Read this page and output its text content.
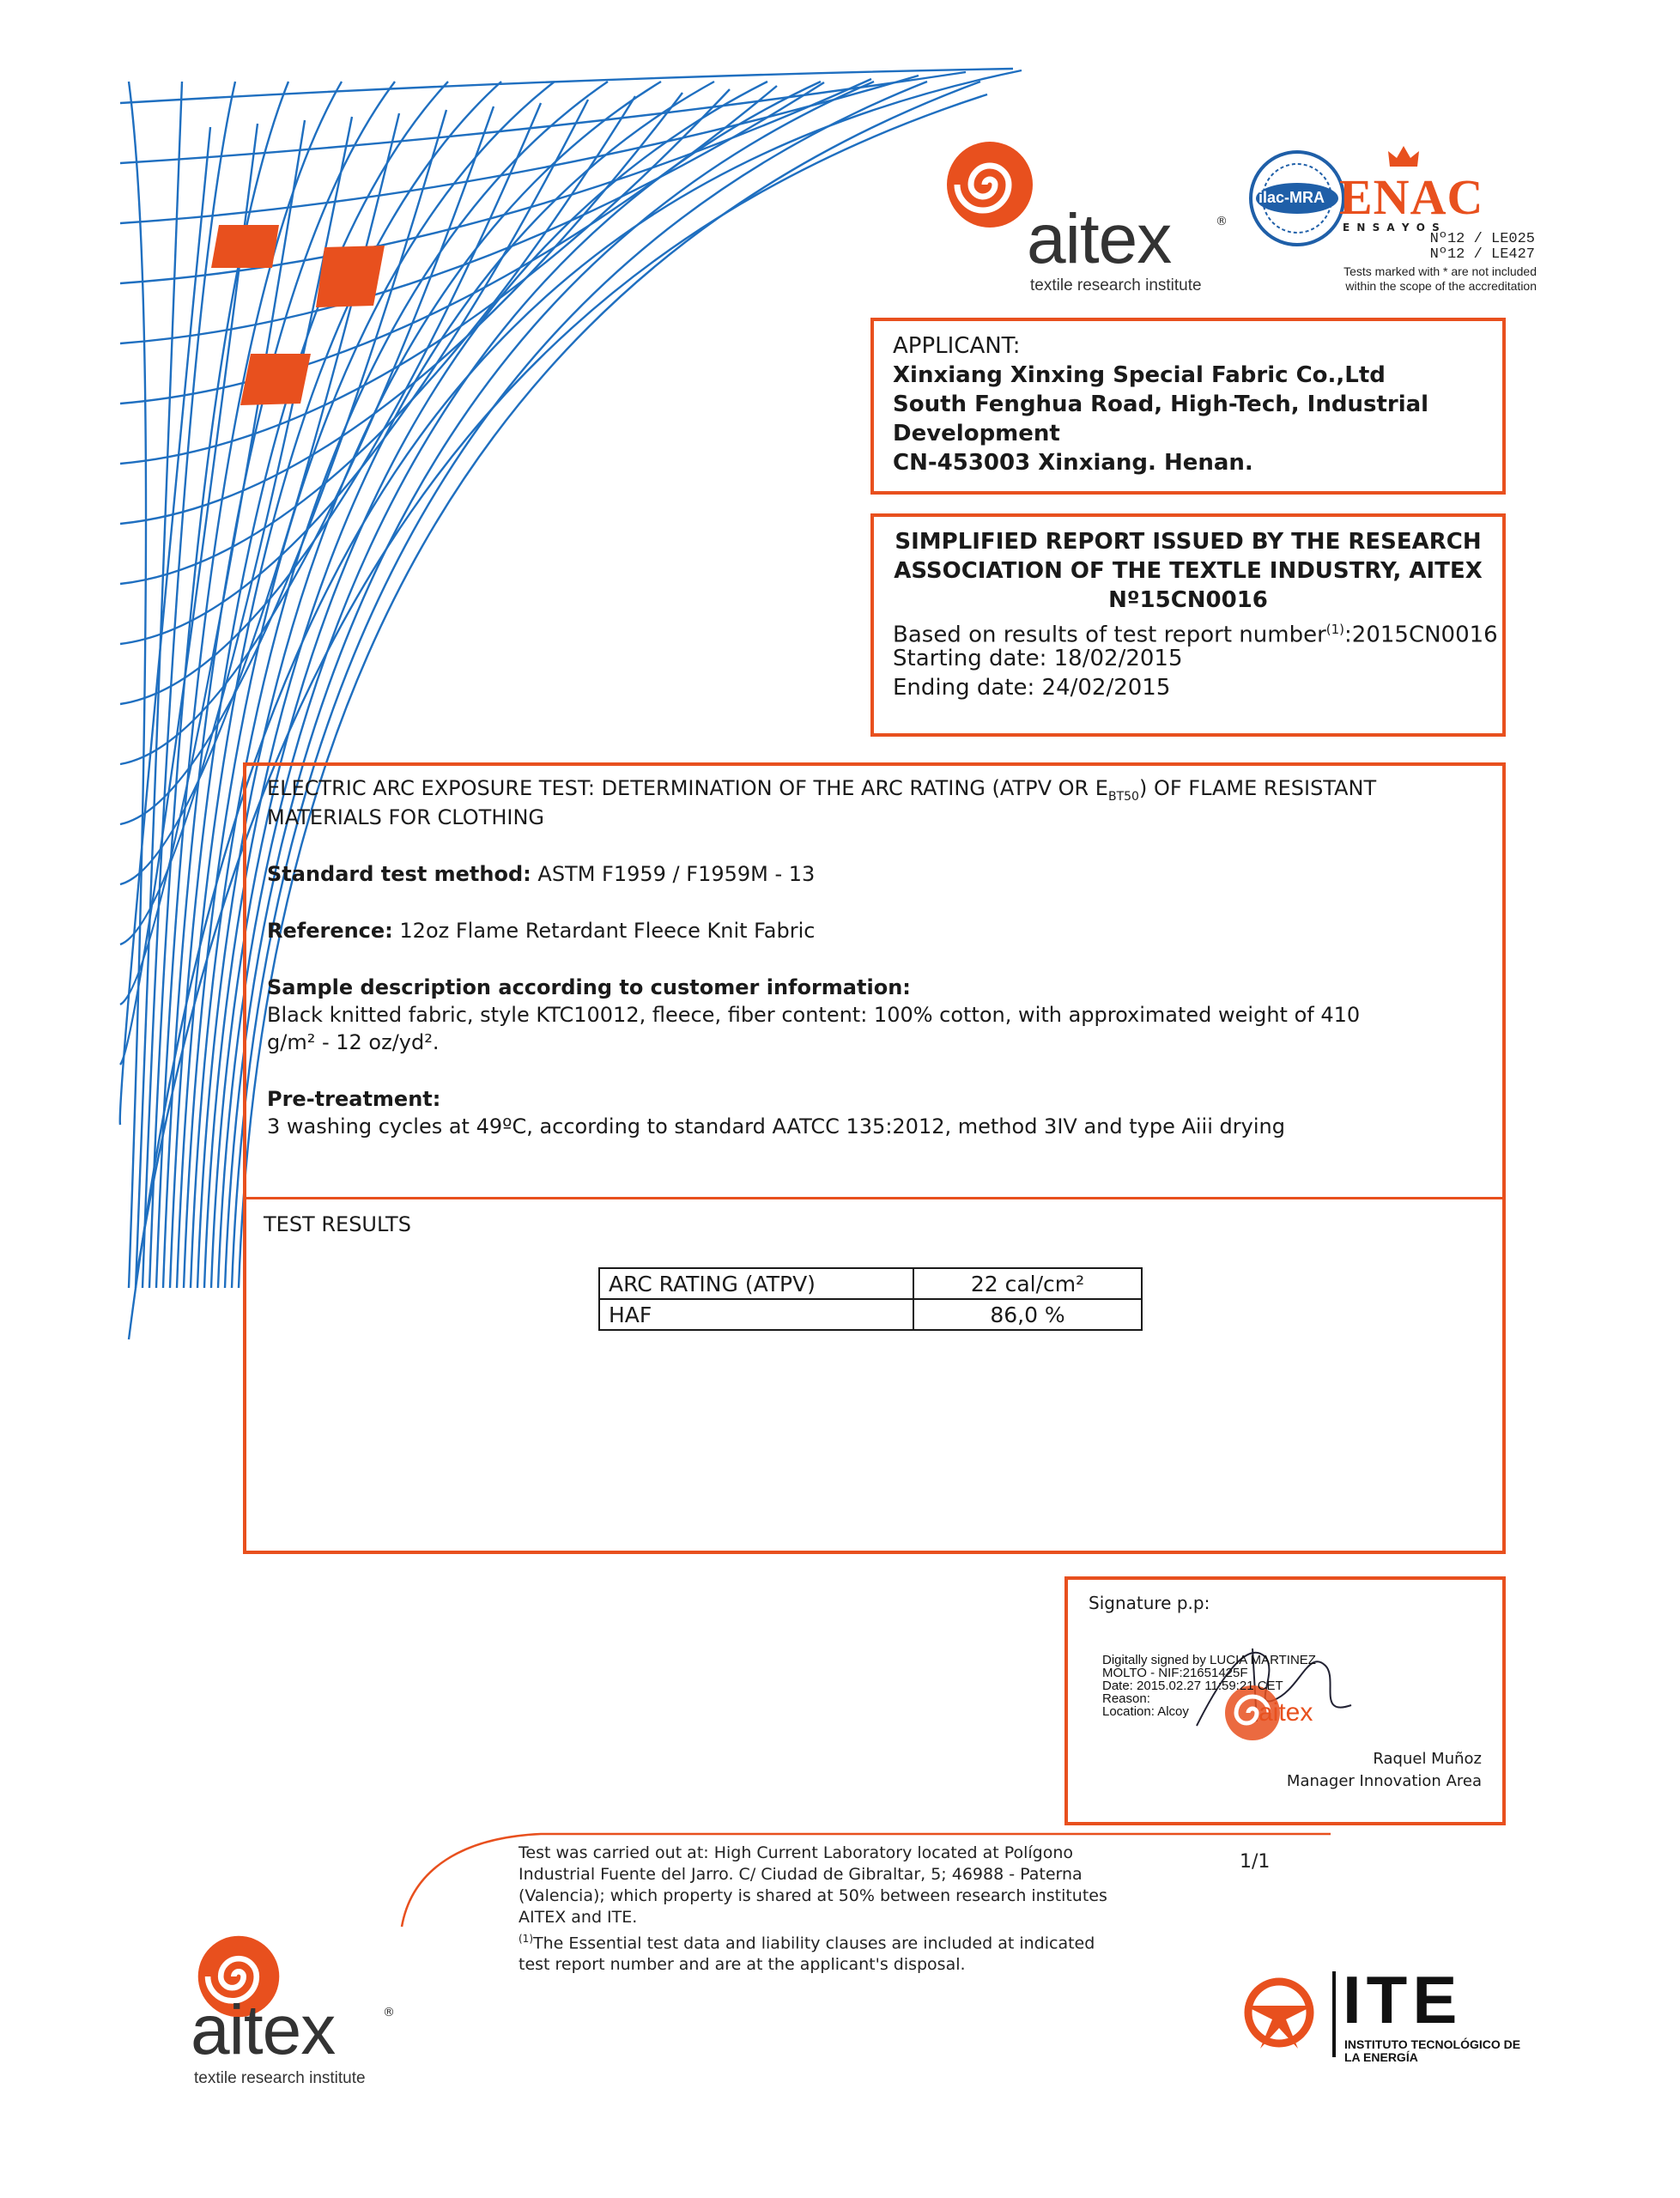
aitex	®
textile research institute
ilac-MRA ENAC
E N S A Y O S
Nº12 / LE025
Nº12 / LE427
Tests marked with * are not included
within the scope of the accreditation
APPLICANT:
Xinxiang Xinxing Special Fabric Co.,Ltd
South Fenghua Road, High-Tech, Industrial
Development
CN-453003 Xinxiang. Henan.
SIMPLIFIED REPORT ISSUED BY THE RESEARCH
ASSOCIATION OF THE TEXTLE INDUSTRY, AITEX
Nº15CN0016
Based on results of test report number$^{(1)}$:2015CN0016
Starting date: 18/02/2015
Ending date: 24/02/2015
ELECTRIC ARC EXPOSURE TEST: DETERMINATION OF THE ARC RATING (ATPV OR $E_{BT50}$) OF FLAME RESISTANT
MATERIALS FOR CLOTHING
Standard test method: ASTM F1959 / F1959M - 13
Reference: 12oz Flame Retardant Fleece Knit Fabric
Sample description according to customer information:
Black knitted fabric, style KTC10012, fleece, fiber content: 100% cotton, with approximated weight of 410
g/m² - 12 oz/yd².
Pre-treatment:
3 washing cycles at 49ºC, according to standard AATCC 135:2012, method 3IV and type Aiii drying
TEST RESULTS
ARC RATING (ATPV)	22 cal/cm²
HAF	86,0 %
Signature p.p:
Digitally signed by LUCIA MARTINEZ
MOLTO - NIF:21651425F
Date: 2015.02.27 11:59:21 CET
Reason:
Location: Alcoy	aitex
Raquel Muñoz
Manager Innovation Area
Test was carried out at: High Current Laboratory located at Polígono
Industrial Fuente del Jarro. C/ Ciudad de Gibraltar, 5; 46988 - Paterna
(Valencia); which property is shared at 50% between research institutes
AITEX and ITE.
$^{(1)}$The Essential test data and liability clauses are included at indicated
test report number and are at the applicant's disposal.
1/1
aitex	®
textile research institute
ITE
INSTITUTO TECNOLÓGICO DE
LA ENERGÍA
